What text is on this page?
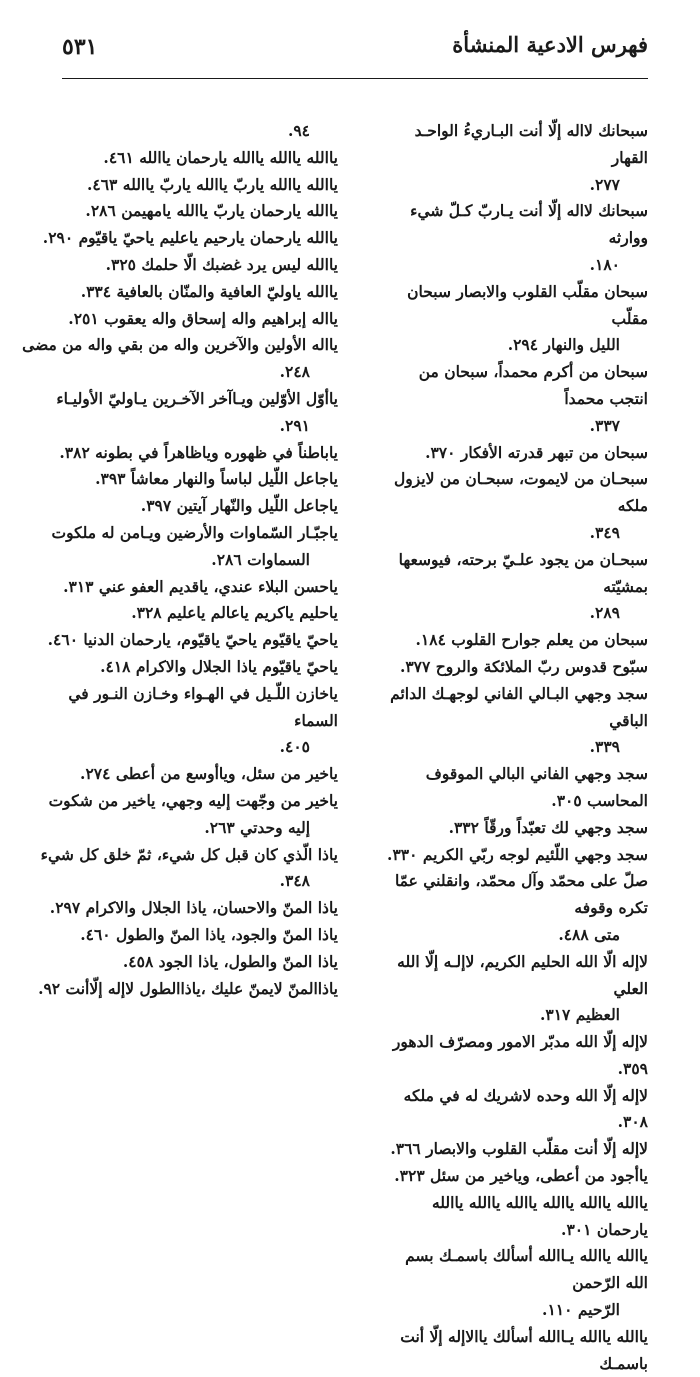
٥٣١	فهرس الادعية المنشأة

سبحانك لااله إلّا أنت البـاريءُ الواحـد القهار

٢٧٧.

سبحانك لااله إلّا أنت يـاربّ كـلّ شيء ووارثه

١٨٠.

سبحان مقلّب القلوب والابصار سبحان مقلّب

الليل والنهار ٢٩٤.

سبحان من أكرم محمداً، سبحان من انتجب محمداً

٣٣٧.

سبحان من تبهر قدرته الأفكار ٣٧٠.

سبحـان من لايموت، سبحـان من لايزول ملكه

٣٤٩.

سبحـان من يجود علـيّ برحته، فيوسعها بمشيّته

٢٨٩.

سبحان من يعلم جوارح القلوب ١٨٤.

سبّوح قدوس ربّ الملائكة والروح ٣٧٧.

سجد وجهي البـالي الفاني لوجهـك الدائم الباقي

٣٣٩.

سجد وجهي الفاني البالي الموقوف المحاسب ٣٠٥.

سجد وجهي لك تعبّداً ورقّاً ٣٣٢.

سجد وجهي اللّئيم لوجه ربّي الكريم ٣٣٠.

صلّ على محمّد وآل محمّد، وانقلني عمّا تكره وقوفه

متى ٤٨٨.

لاإله الّا الله الحليم الكريم، لاإلـه إلّا الله العلي

العظيم ٣١٧.

لاإله إلّا الله مدبّر الامور ومصرّف الدهور ٣٥٩.

لاإله إلّا الله وحده لاشريك له في ملكه ٣٠٨.

لاإله إلّا أنت مقلّب القلوب والابصار ٣٦٦.

ياأجود من أعطى، وياخير من سئل ٣٢٣.

ياالله ياالله ياالله ياالله ياالله ياالله يارحمان ٣٠١.

ياالله ياالله يـاالله أسألك باسمـك بسم الله الرّحمن

الرّحيم ١١٠.

ياالله ياالله يـاالله أسألك ياالاإله إلّا أنت باسمـك

٩٤.

ياالله ياالله ياالله يارحمان ياالله ٤٦١.

ياالله ياالله ياربّ ياالله ياربّ ياالله ٤٦٣.

ياالله يارحمان ياربّ ياالله يامهيمن ٢٨٦.

ياالله يارحمان يارحيم ياعليم ياحيّ ياقيّوم ٢٩٠.

ياالله ليس يرد غضبك الّا حلمك ٣٢٥.

ياالله ياوليّ العافية والمنّان بالعافية ٣٣٤.

يااله إبراهيم واله إسحاق واله يعقوب ٢٥١.

يااله الأولين والآخرين واله من بقي واله من مضى

٢٤٨.

ياأوّل الأوّلين ويـاآخر الآخـرين يـاوليّ الأوليـاء

٢٩١.

ياباطناً في ظهوره وياظاهراً في بطونه ٣٨٢.

ياجاعل اللّيل لباساً والنهار معاشاً ٣٩٣.

ياجاعل اللّيل والنّهار آيتين ٣٩٧.

ياجبّـار السّماوات والأرضين ويـامن له ملكوت

السماوات ٢٨٦.

ياحسن البلاء عندي، ياقديم العفو عني ٣١٣.

ياحليم ياكريم ياعالم ياعليم ٣٢٨.

ياحيّ ياقيّوم ياحيّ ياقيّوم، يارحمان الدنيا ٤٦٠.

ياحيّ ياقيّوم ياذا الجلال والاكرام ٤١٨.

ياخازن اللّـيل في الهـواء وخـازن النـور في السماء

٤٠٥.

ياخير من سئل، وياأوسع من أعطى ٢٧٤.

ياخير من وجّهت إليه وجهي، ياخير من شكوت

إليه وحدتي ٢٦٣.

ياذا الّذي كان قبل كل شيء، ثمّ خلق كل شيء

٣٤٨.

ياذا المنّ والاحسان، ياذا الجلال والاكرام ٢٩٧.

ياذا المنّ والجود، ياذا المنّ والطول ٤٦٠.

ياذا المنّ والطول، ياذا الجود ٤٥٨.

ياذاالمنّ لايمنّ عليك ،ياذاالطول لاإله إلّاأنت ٩٢.
